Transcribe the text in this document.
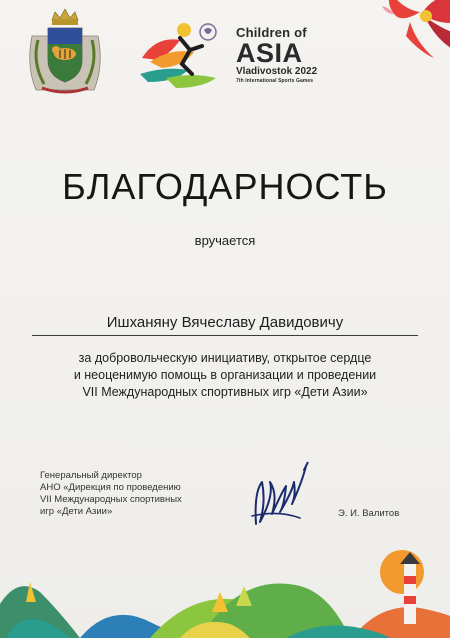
Children of
ASIA
Vladivostok 2022
7th International Sports Games
БЛАГОДАРНОСТЬ
вручается
Ишханяну Вячеславу Давидовичу
за добровольческую инициативу, открытое сердце
и неоценимую помощь в организации и проведении
VII Международных спортивных игр «Дети Азии»
Генеральный директор
АНО «Дирекция по проведению
VII Международных спортивных
игр «Дети Азии»	Э. И. Валитов
